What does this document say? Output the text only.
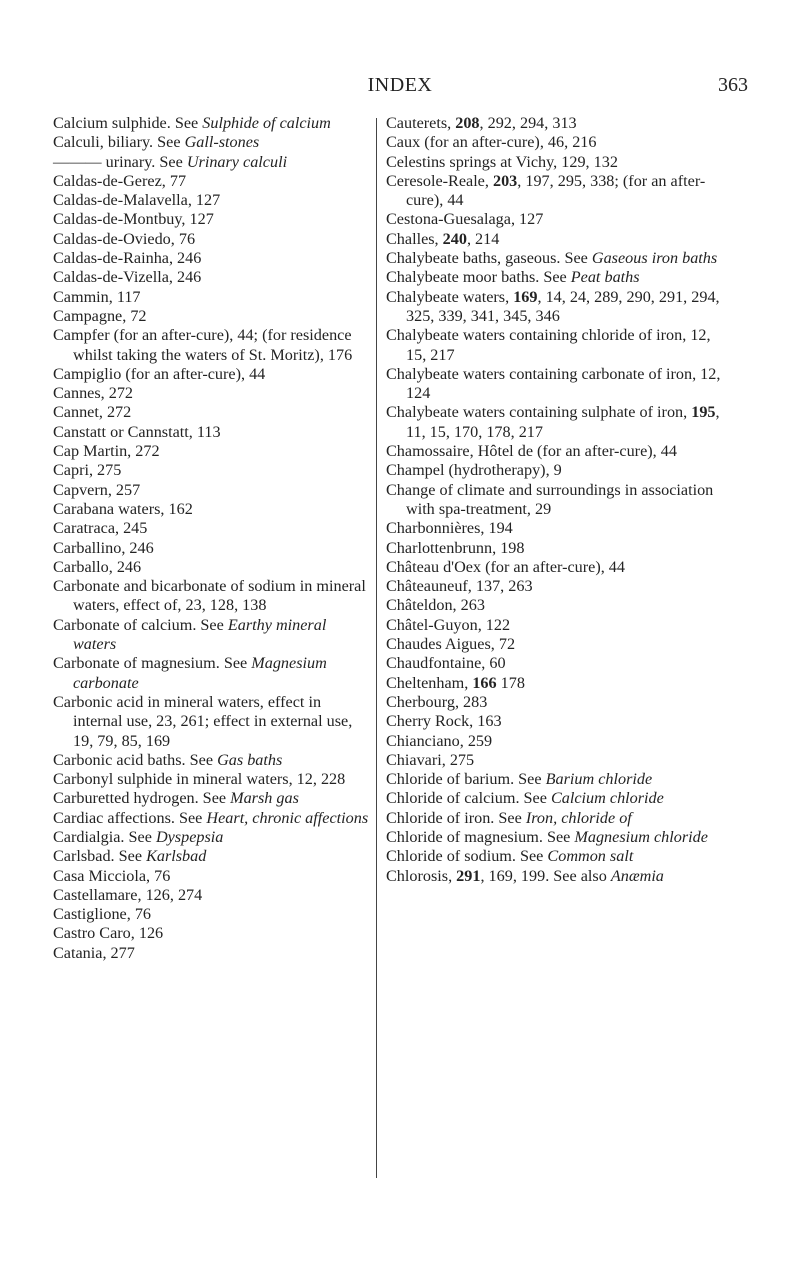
INDEX	363
Calcium sulphide. See Sulphide of calcium
Calculi, biliary. See Gall-stones
——— urinary. See Urinary calculi
Caldas-de-Gerez, 77
Caldas-de-Malavella, 127
Caldas-de-Montbuy, 127
Caldas-de-Oviedo, 76
Caldas-de-Rainha, 246
Caldas-de-Vizella, 246
Cammin, 117
Campagne, 72
Campfer (for an after-cure), 44; (for residence whilst taking the waters of St. Moritz), 176
Campiglio (for an after-cure), 44
Cannes, 272
Cannet, 272
Canstatt or Cannstatt, 113
Cap Martin, 272
Capri, 275
Capvern, 257
Carabana waters, 162
Caratraca, 245
Carballino, 246
Carballo, 246
Carbonate and bicarbonate of sodium in mineral waters, effect of, 23, 128, 138
Carbonate of calcium. See Earthy mineral waters
Carbonate of magnesium. See Magnesium carbonate
Carbonic acid in mineral waters, effect in internal use, 23, 261; effect in external use, 19, 79, 85, 169
Carbonic acid baths. See Gas baths
Carbonyl sulphide in mineral waters, 12, 228
Carburetted hydrogen. See Marsh gas
Cardiac affections. See Heart, chronic affections
Cardialgia. See Dyspepsia
Carlsbad. See Karlsbad
Casa Micciola, 76
Castellamare, 126, 274
Castiglione, 76
Castro Caro, 126
Catania, 277
Cauterets, 208, 292, 294, 313
Caux (for an after-cure), 46, 216
Celestins springs at Vichy, 129, 132
Ceresole-Reale, 203, 197, 295, 338; (for an after-cure), 44
Cestona-Guesalaga, 127
Challes, 240, 214
Chalybeate baths, gaseous. See Gaseous iron baths
Chalybeate moor baths. See Peat baths
Chalybeate waters, 169, 14, 24, 289, 290, 291, 294, 325, 339, 341, 345, 346
Chalybeate waters containing chloride of iron, 12, 15, 217
Chalybeate waters containing carbonate of iron, 12, 124
Chalybeate waters containing sulphate of iron, 195, 11, 15, 170, 178, 217
Chamossaire, Hôtel de (for an after-cure), 44
Champel (hydrotherapy), 9
Change of climate and surroundings in association with spa-treatment, 29
Charbonnières, 194
Charlottenbrunn, 198
Château d'Oex (for an after-cure), 44
Châteauneuf, 137, 263
Châteldon, 263
Châtel-Guyon, 122
Chaudes Aigues, 72
Chaudfontaine, 60
Cheltenham, 166 178
Cherbourg, 283
Cherry Rock, 163
Chianciano, 259
Chiavari, 275
Chloride of barium. See Barium chloride
Chloride of calcium. See Calcium chloride
Chloride of iron. See Iron, chloride of
Chloride of magnesium. See Magnesium chloride
Chloride of sodium. See Common salt
Chlorosis, 291, 169, 199. See also Anæmia
